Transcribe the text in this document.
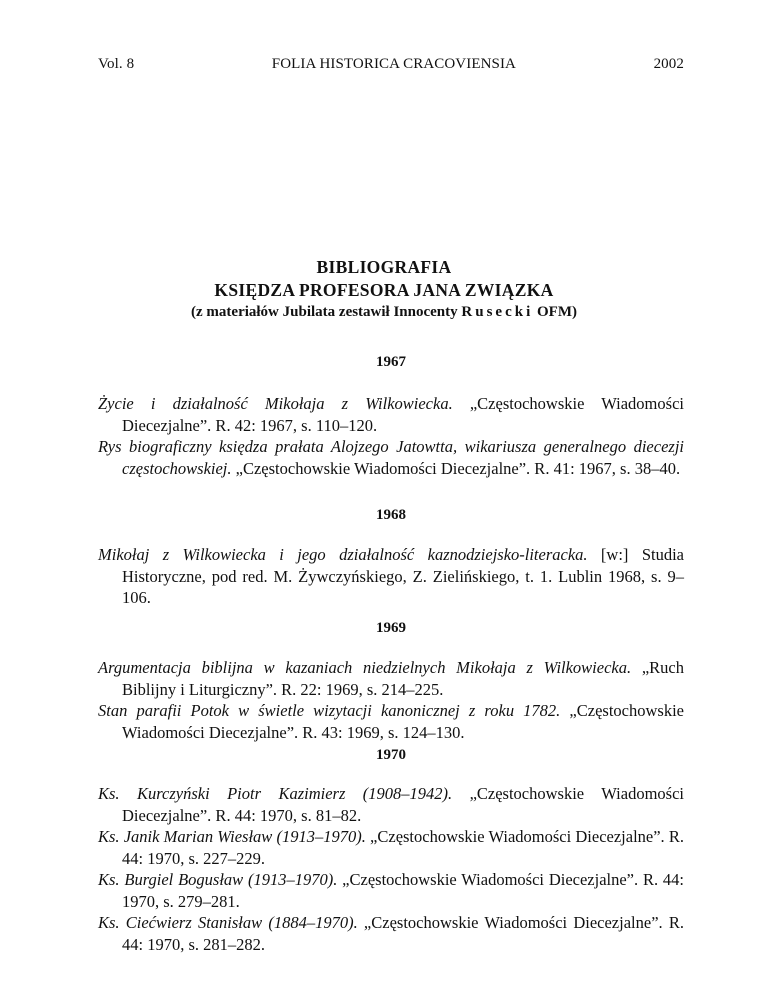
Vol. 8	FOLIA HISTORICA CRACOVIENSIA	2002
BIBLIOGRAFIA
KSIĘDZA PROFESORA JANA ZWIĄZKA
(z materiałów Jubilata zestawił Innocenty Rusecki OFM)
1967
Życie i działalność Mikołaja z Wilkowiecka. „Częstochowskie Wiadomości Diecezjalne”. R. 42: 1967, s. 110–120.
Rys biograficzny księdza prałata Alojzego Jatowtta, wikariusza generalnego diecezji częstochowskiej. „Częstochowskie Wiadomości Diecezjalne”. R. 41: 1967, s. 38–40.
1968
Mikołaj z Wilkowiecka i jego działalność kaznodziejsko-literacka. [w:] Studia Historyczne, pod red. M. Żywczyńskiego, Z. Zielińskiego, t. 1. Lublin 1968, s. 9–106.
1969
Argumentacja biblijna w kazaniach niedzielnych Mikołaja z Wilkowiecka. „Ruch Biblijny i Liturgiczny”. R. 22: 1969, s. 214–225.
Stan parafii Potok w świetle wizytacji kanonicznej z roku 1782. „Częstochowskie Wiadomości Diecezjalne”. R. 43: 1969, s. 124–130.
1970
Ks. Kurczyński Piotr Kazimierz (1908–1942). „Częstochowskie Wiadomości Diecezjalne”. R. 44: 1970, s. 81–82.
Ks. Janik Marian Wiesław (1913–1970). „Częstochowskie Wiadomości Diecezjalne”. R. 44: 1970, s. 227–229.
Ks. Burgiel Bogusław (1913–1970). „Częstochowskie Wiadomości Diecezjalne”. R. 44: 1970, s. 279–281.
Ks. Ciećwierz Stanisław (1884–1970). „Częstochowskie Wiadomości Diecezjalne”. R. 44: 1970, s. 281–282.
